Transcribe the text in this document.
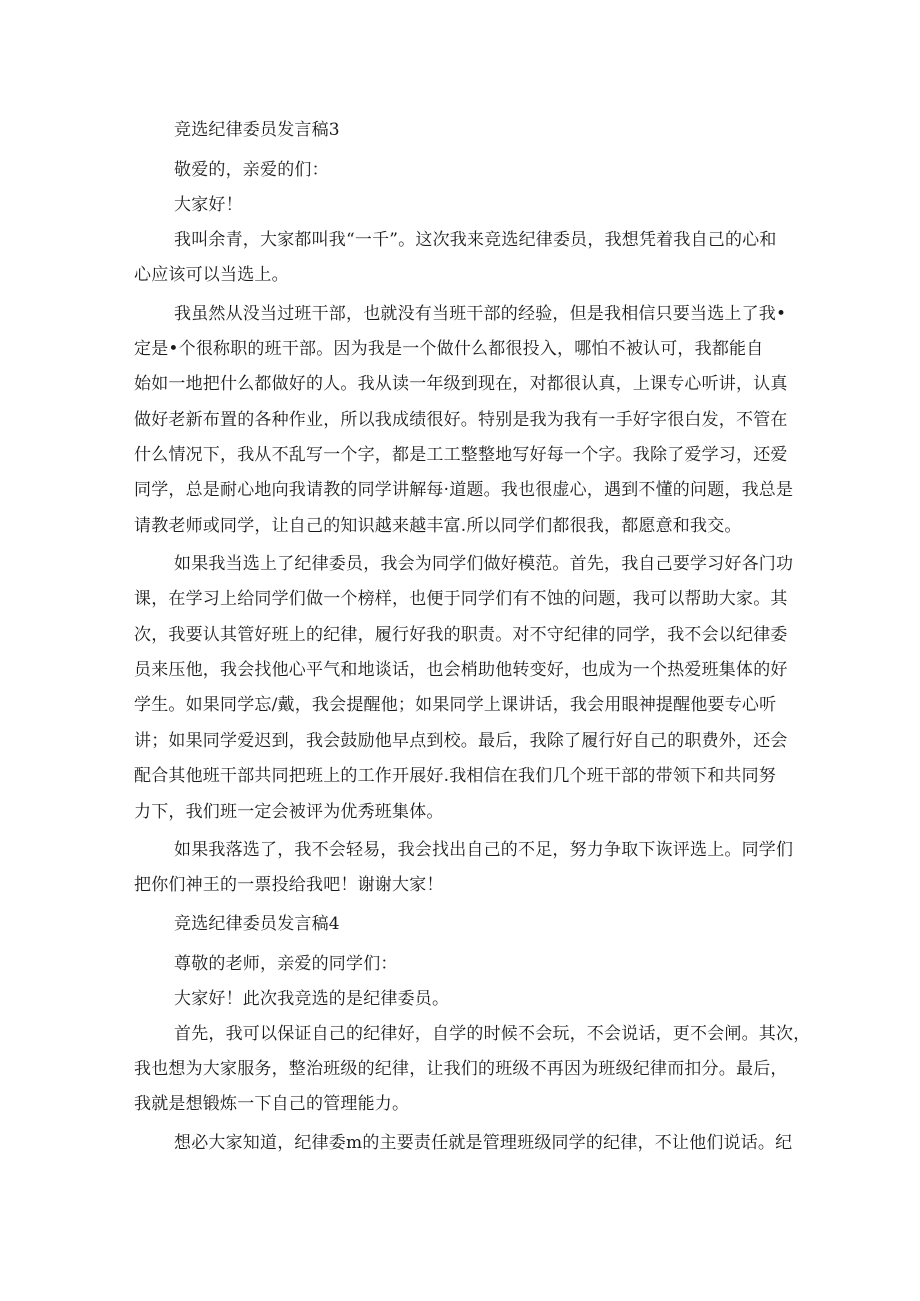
竞选纪律委员发言稿3
敬爱的，亲爱的们：
大家好！
我叫余青，大家都叫我“一千”。这次我来竞选纪律委员，我想凭着我自己的心和
心应该可以当选上。
我虽然从没当过班干部，也就没有当班干部的经验，但是我相信只要当选上了我•
定是•个很称职的班干部。因为我是一个做什么都很投入，哪怕不被认可，我都能自
始如一地把什么都做好的人。我从读一年级到现在，对都很认真，上课专心听讲，认真
做好老新布置的各种作业，所以我成绩很好。特别是我为我有一手好字很白发，不管在
什么情况下，我从不乱写一个字，都是工工整整地写好每一个字。我除了爱学习，还爱
同学，总是耐心地向我请教的同学讲解每·道题。我也很虚心，遇到不懂的问题，我总是
请教老师或同学，让自己的知识越来越丰富.所以同学们都很我，都愿意和我交。
如果我当选上了纪律委员，我会为同学们做好模范。首先，我自己要学习好各门功
课，在学习上给同学们做一个榜样，也便于同学们有不蚀的问题，我可以帮助大家。其
次，我要认其管好班上的纪律，履行好我的职责。对不守纪律的同学，我不会以纪律委
员来压他，我会找他心平气和地谈话，也会梢助他转变好，也成为一个热爱班集体的好
学生。如果同学忘/戴，我会提醒他；如果同学上课讲话，我会用眼神提醒他要专心听
讲；如果同学爱迟到，我会鼓励他早点到校。最后，我除了履行好自己的职费外，还会
配合其他班干部共同把班上的工作开展好.我相信在我们几个班干部的带领下和共同努
力下，我们班一定会被评为优秀班集体。
如果我落选了，我不会轻易，我会找出自己的不足，努力争取下诙评选上。同学们
把你们神王的一票投给我吧！谢谢大家！
竞选纪律委员发言稿4
尊敬的老师，亲爱的同学们：
大家好！此次我竞选的是纪律委员。
首先，我可以保证自己的纪律好，自学的时候不会玩，不会说话，更不会闸。其次，
我也想为大家服务，整治班级的纪律，让我们的班级不再因为班级纪律而扣分。最后，
我就是想锻炼一下自己的管理能力。
想必大家知道，纪律委m的主要责任就是管理班级同学的纪律，不让他们说话。纪
